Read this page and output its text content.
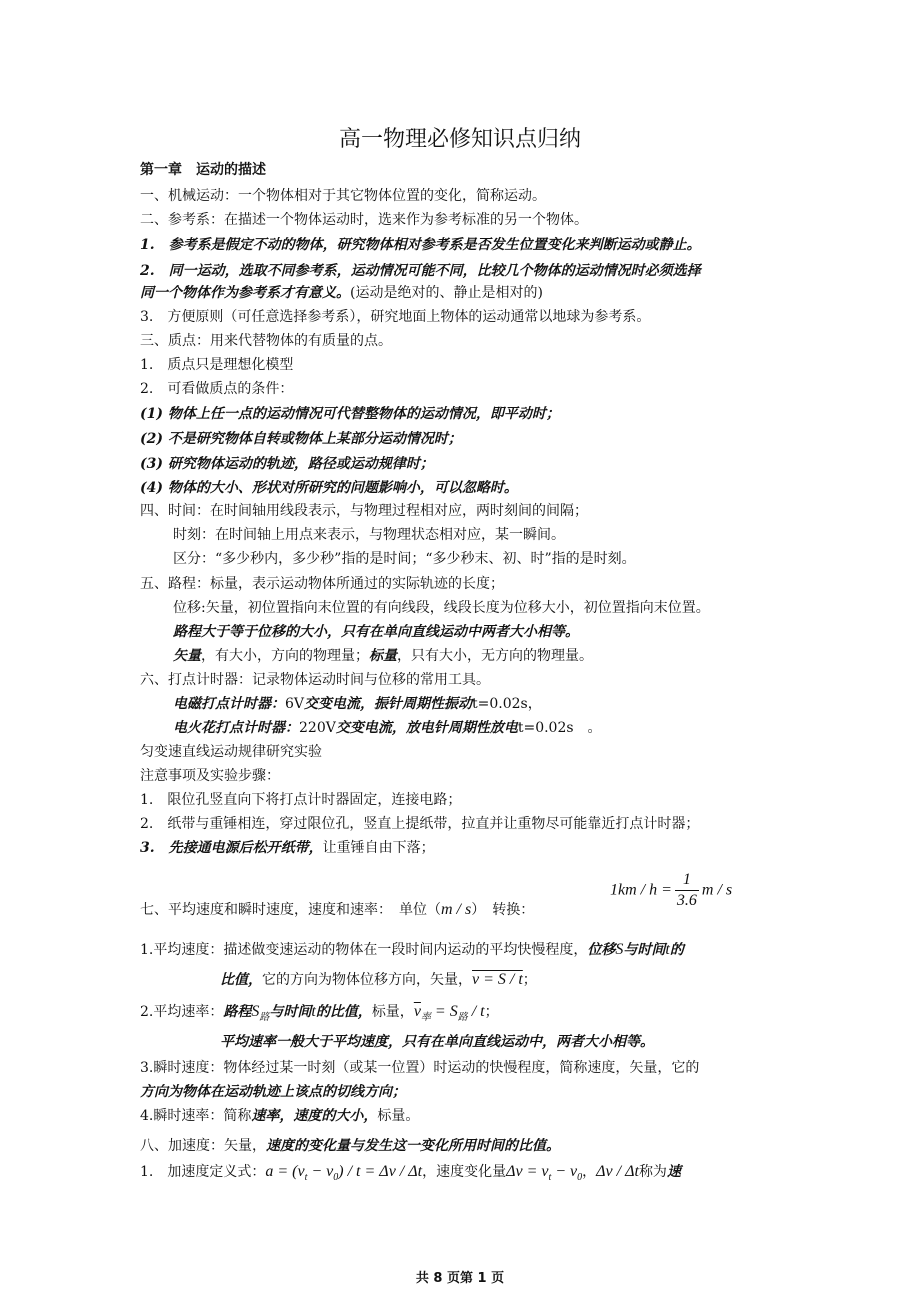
高一物理必修知识点归纳
第一章　运动的描述
一、机械运动：一个物体相对于其它物体位置的变化，简称运动。
二、参考系：在描述一个物体运动时，选来作为参考标准的另一个物体。
1.　参考系是假定不动的物体，研究物体相对参考系是否发生位置变化来判断运动或静止。
2.　同一运动，选取不同参考系，运动情况可能不同，比较几个物体的运动情况时必须选择
同一个物体作为参考系才有意义。(运动是绝对的、静止是相对的)
3.　方便原则（可任意选择参考系），研究地面上物体的运动通常以地球为参考系。
三、质点：用来代替物体的有质量的点。
1.　质点只是理想化模型
2.　可看做质点的条件：
(1) 物体上任一点的运动情况可代替整物体的运动情况，即平动时；
(2) 不是研究物体自转或物体上某部分运动情况时；
(3) 研究物体运动的轨迹，路径或运动规律时；
(4) 物体的大小、形状对所研究的问题影响小，可以忽略时。
四、时间：在时间轴用线段表示，与物理过程相对应，两时刻间的间隔；
时刻：在时间轴上用点来表示，与物理状态相对应，某一瞬间。
区分：“多少秒内，多少秒”指的是时间；“多少秒末、初、时”指的是时刻。
五、路程：标量，表示运动物体所通过的实际轨迹的长度；
位移:矢量，初位置指向末位置的有向线段，线段长度为位移大小，初位置指向末位置。
路程大于等于位移的大小，只有在单向直线运动中两者大小相等。
矢量，有大小，方向的物理量；标量，只有大小，无方向的物理量。
六、打点计时器：记录物体运动时间与位移的常用工具。
电磁打点计时器：6V交变电流，振针周期性振动t=0.02s，
电火花打点计时器：220V交变电流，放电针周期性放电t=0.02s　。
匀变速直线运动规律研究实验
注意事项及实验步骤：
1.　限位孔竖直向下将打点计时器固定，连接电路；
2.　纸带与重锤相连，穿过限位孔，竖直上提纸带，拉直并让重物尽可能靠近打点计时器；
3.　先接通电源后松开纸带，让重锤自由下落；
七、平均速度和瞬时速度，速度和速率：　单位（m / s）　转换：
$1km / h = \frac{1}{3.6}$ m / s
1.平均速度：描述做变速运动的物体在一段时间内运动的平均快慢程度，位移S与时间t的
比值，它的方向为物体位移方向，矢量，v = S / t；
2.平均速率：路程$S_路$与时间t的比值，标量，$\overline{v}_率 = S_路 / t$；
平均速率一般大于平均速度，只有在单向直线运动中，两者大小相等。
3.瞬时速度：物体经过某一时刻（或某一位置）时运动的快慢程度，简称速度，矢量，它的
方向为物体在运动轨迹上该点的切线方向；
4.瞬时速率：简称速率，速度的大小，标量。
八、加速度：矢量，速度的变化量与发生这一变化所用时间的比值。
1.　加速度定义式：$a = (v_t - v_0) / t = \Delta v / \Delta t$，速度变化量$\Delta v = v_t - v_0$，Δv / Δt称为速
共 8 页第 1 页
